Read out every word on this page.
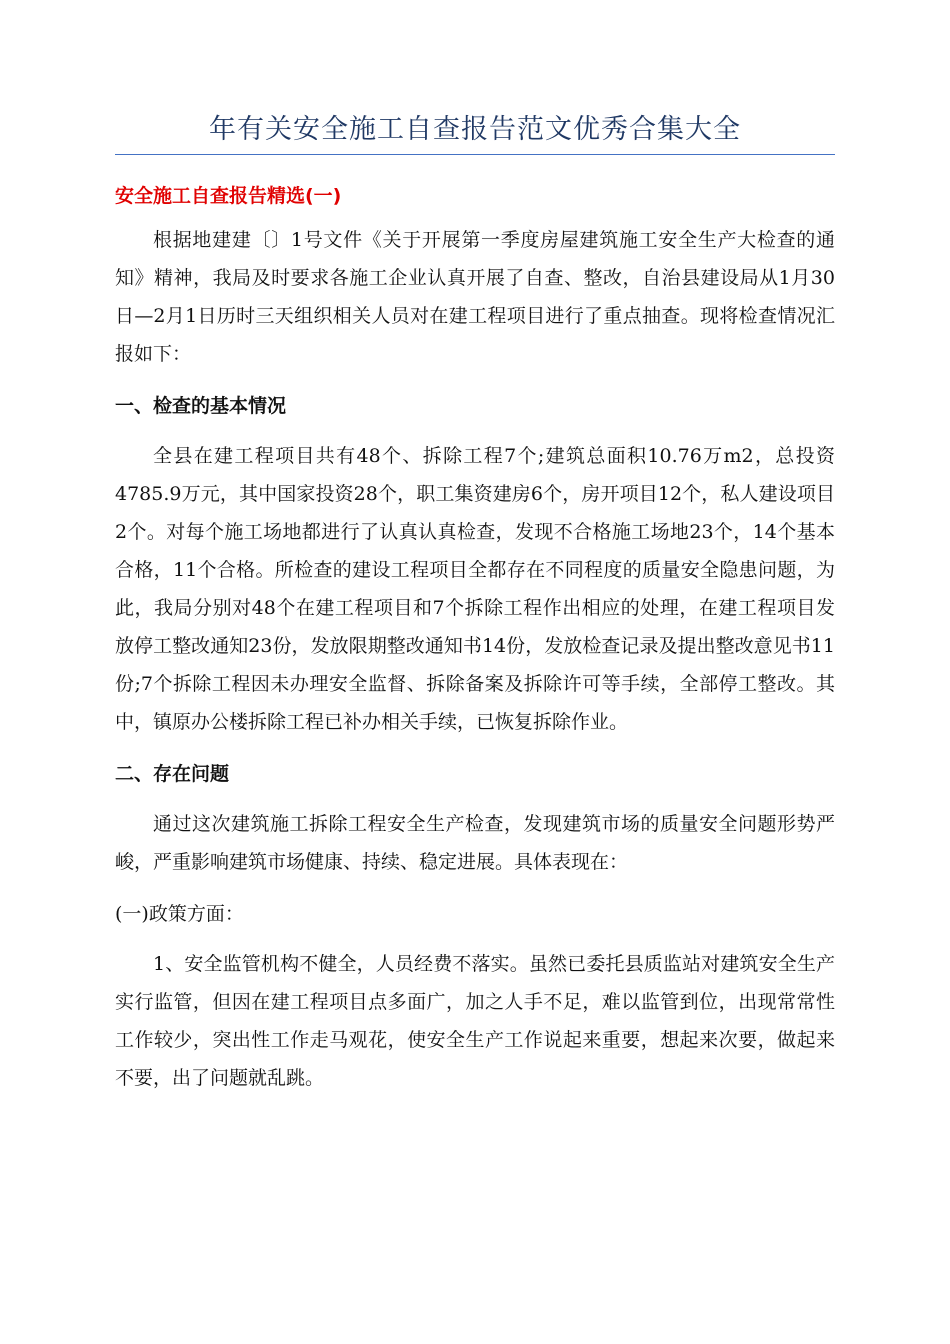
年有关安全施工自查报告范文优秀合集大全
安全施工自查报告精选(一)

根据地建建〔〕1号文件《关于开展第一季度房屋建筑施工安全生产大检查的通知》精神，我局及时要求各施工企业认真开展了自查、整改，自治县建设局从1月30日—2月1日历时三天组织相关人员对在建工程项目进行了重点抽查。现将检查情况汇报如下：

一、检查的基本情况

全县在建工程项目共有48个、拆除工程7个;建筑总面积10.76万m2，总投资4785.9万元，其中国家投资28个，职工集资建房6个，房开项目12个，私人建设项目2个。对每个施工场地都进行了认真认真检查，发现不合格施工场地23个，14个基本合格，11个合格。所检查的建设工程项目全都存在不同程度的质量安全隐患问题，为此，我局分别对48个在建工程项目和7个拆除工程作出相应的处理，在建工程项目发放停工整改通知23份，发放限期整改通知书14份，发放检查记录及提出整改意见书11份;7个拆除工程因未办理安全监督、拆除备案及拆除许可等手续，全部停工整改。其中，镇原办公楼拆除工程已补办相关手续，已恢复拆除作业。

二、存在问题

通过这次建筑施工拆除工程安全生产检查，发现建筑市场的质量安全问题形势严峻，严重影响建筑市场健康、持续、稳定进展。具体表现在：

(一)政策方面：

1、安全监管机构不健全，人员经费不落实。虽然已委托县质监站对建筑安全生产实行监管，但因在建工程项目点多面广，加之人手不足，难以监管到位，出现常常性工作较少，突出性工作走马观花，使安全生产工作说起来重要，想起来次要，做起来不要，出了问题就乱跳。
